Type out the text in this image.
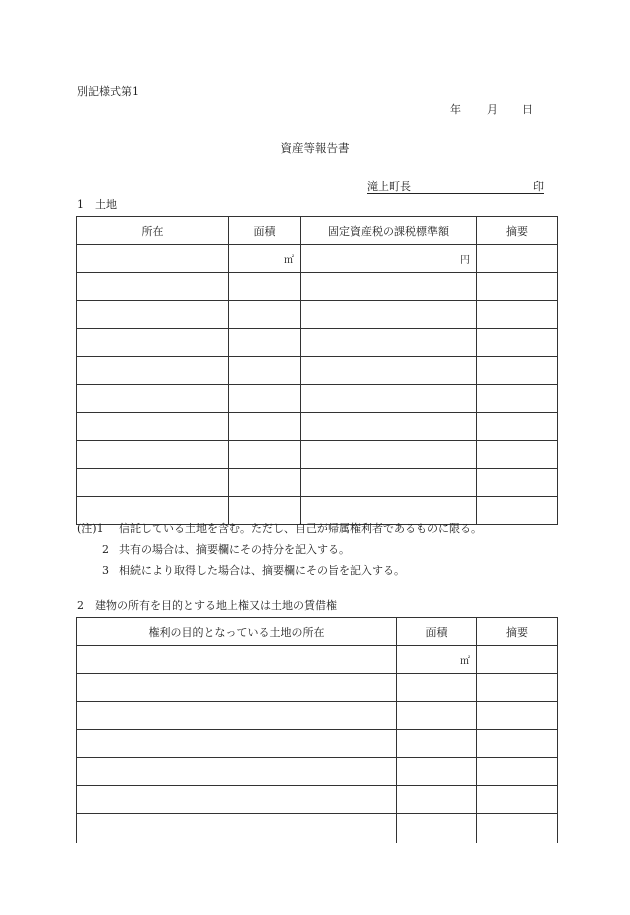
別記様式第1
年 月 日
資産等報告書
滝上町長	印
1　土地
所在	面積	固定資産税の課税標準額	摘要
	㎡	円	

(注)1	信託している土地を含む。ただし、自己が帰属権利者であるものに限る。
2 共有の場合は、摘要欄にその持分を記入する。
3 相続により取得した場合は、摘要欄にその旨を記入する。
2　建物の所有を目的とする地上権又は土地の賃借権
権利の目的となっている土地の所在	面積	摘要
	㎡	
